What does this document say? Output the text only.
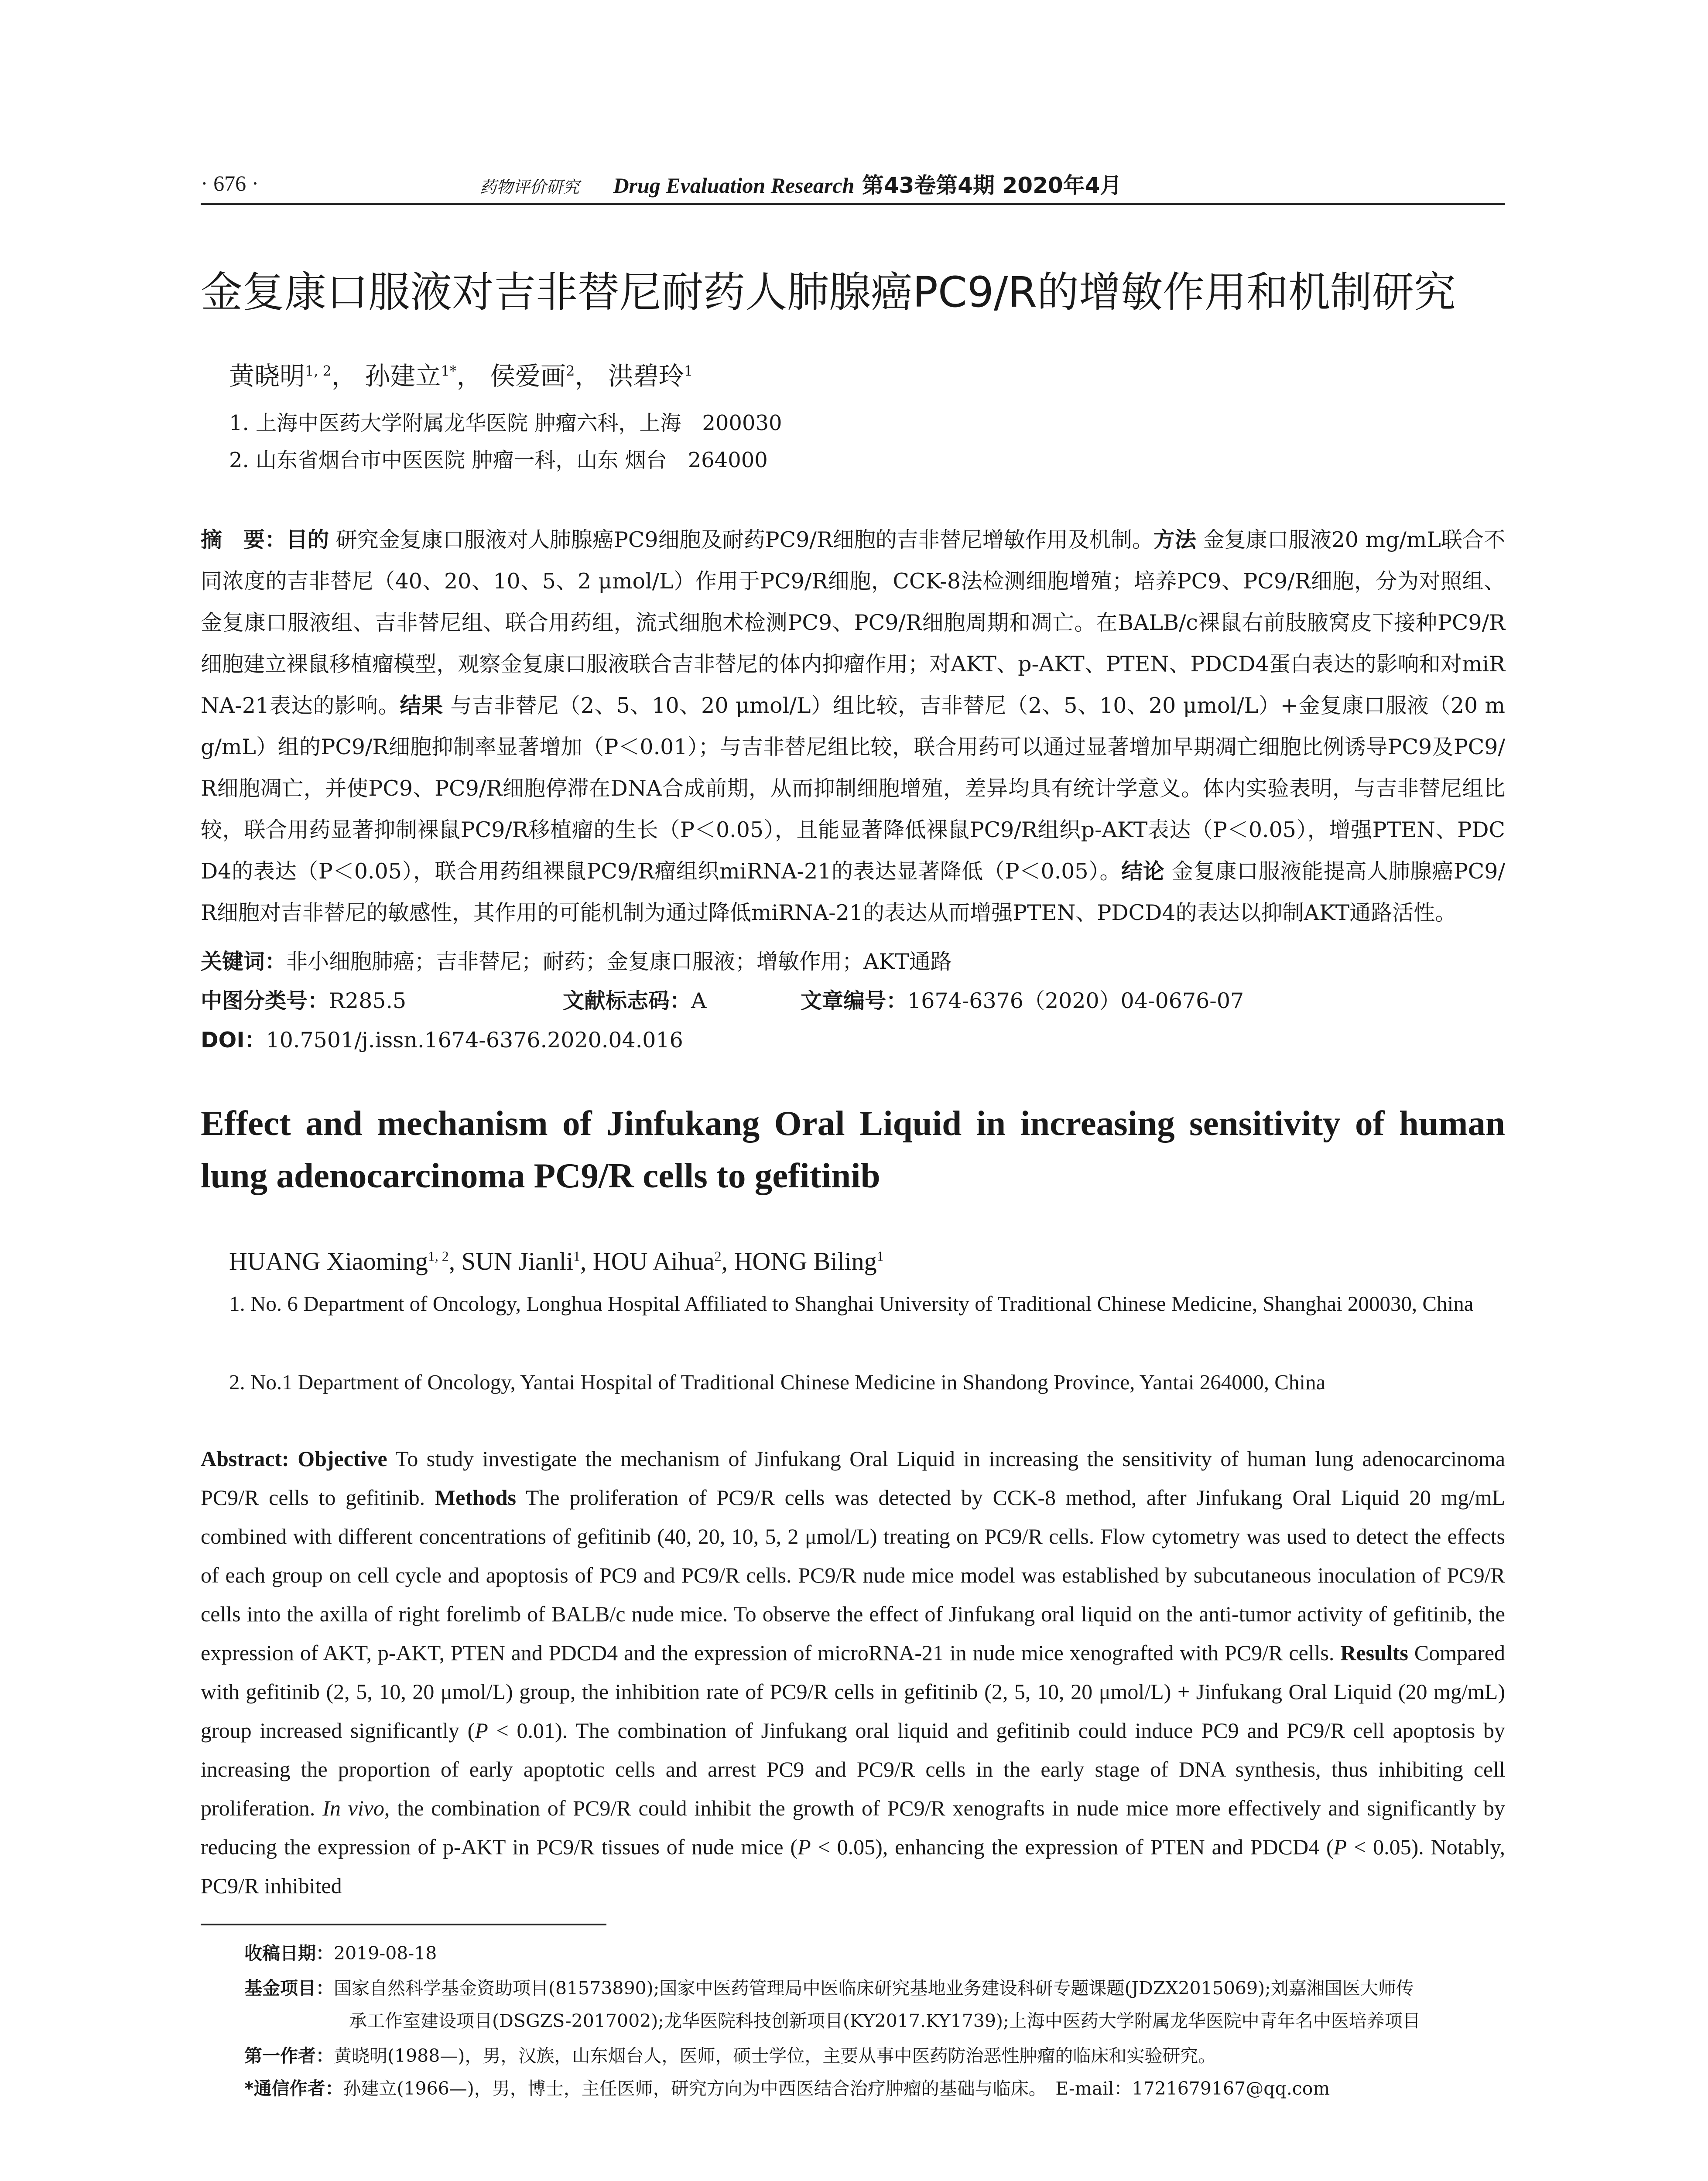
· 676 ·	药物评价研究 Drug Evaluation Research 第43卷第4期 2020年4月
金复康口服液对吉非替尼耐药人肺腺癌PC9/R的增敏作用和机制研究
黄晓明$^{1, 2}$， 孙建立$^{1*}$， 侯爱画$^2$， 洪碧玲$^1$
1. 上海中医药大学附属龙华医院 肿瘤六科，上海　200030
2. 山东省烟台市中医医院 肿瘤一科，山东 烟台　264000

摘　要：目的 研究金复康口服液对人肺腺癌PC9细胞及耐药PC9/R细胞的吉非替尼增敏作用及机制。方法 金复康口服液20 mg/mL联合不同浓度的吉非替尼（40、20、10、5、2 μmol/L）作用于PC9/R细胞，CCK-8法检测细胞增殖；培养PC9、PC9/R细胞，分为对照组、金复康口服液组、吉非替尼组、联合用药组，流式细胞术检测PC9、PC9/R细胞周期和凋亡。在BALB/c裸鼠右前肢腋窝皮下接种PC9/R细胞建立裸鼠移植瘤模型，观察金复康口服液联合吉非替尼的体内抑瘤作用；对AKT、p-AKT、PTEN、PDCD4蛋白表达的影响和对miRNA-21表达的影响。结果 与吉非替尼（2、5、10、20 μmol/L）组比较，吉非替尼（2、5、10、20 μmol/L）+金复康口服液（20 mg/mL）组的PC9/R细胞抑制率显著增加（P＜0.01）；与吉非替尼组比较，联合用药可以通过显著增加早期凋亡细胞比例诱导PC9及PC9/R细胞凋亡，并使PC9、PC9/R细胞停滞在DNA合成前期，从而抑制细胞增殖，差异均具有统计学意义。体内实验表明，与吉非替尼组比较，联合用药显著抑制裸鼠PC9/R移植瘤的生长（P＜0.05），且能显著降低裸鼠PC9/R组织p-AKT表达（P＜0.05），增强PTEN、PDCD4的表达（P＜0.05），联合用药组裸鼠PC9/R瘤组织miRNA-21的表达显著降低（P＜0.05）。结论 金复康口服液能提高人肺腺癌PC9/R细胞对吉非替尼的敏感性，其作用的可能机制为通过降低miRNA-21的表达从而增强PTEN、PDCD4的表达以抑制AKT通路活性。

关键词：非小细胞肺癌；吉非替尼；耐药；金复康口服液；增敏作用；AKT通路
中图分类号：R285.5	文献标志码：A	文章编号：1674-6376（2020）04-0676-07
DOI：10.7501/j.issn.1674-6376.2020.04.016

Effect and mechanism of Jinfukang Oral Liquid in increasing sensitivity of human lung adenocarcinoma PC9/R cells to gefitinib

HUANG Xiaoming$^{1, 2}$, SUN Jianli$^1$, HOU Aihua$^2$, HONG Biling$^1$

1. No. 6 Department of Oncology, Longhua Hospital Affiliated to Shanghai University of Traditional Chinese Medicine, Shanghai 200030, China

2. No.1 Department of Oncology, Yantai Hospital of Traditional Chinese Medicine in Shandong Province, Yantai 264000, China

Abstract: Objective To study investigate the mechanism of Jinfukang Oral Liquid in increasing the sensitivity of human lung adenocarcinoma PC9/R cells to gefitinib. Methods The proliferation of PC9/R cells was detected by CCK-8 method, after Jinfukang Oral Liquid 20 mg/mL combined with different concentrations of gefitinib (40, 20, 10, 5, 2 μmol/L) treating on PC9/R cells. Flow cytometry was used to detect the effects of each group on cell cycle and apoptosis of PC9 and PC9/R cells. PC9/R nude mice model was established by subcutaneous inoculation of PC9/R cells into the axilla of right forelimb of BALB/c nude mice. To observe the effect of Jinfukang oral liquid on the anti-tumor activity of gefitinib, the expression of AKT, p-AKT, PTEN and PDCD4 and the expression of microRNA-21 in nude mice xenografted with PC9/R cells. Results Compared with gefitinib (2, 5, 10, 20 μmol/L) group, the inhibition rate of PC9/R cells in gefitinib (2, 5, 10, 20 μmol/L) + Jinfukang Oral Liquid (20 mg/mL) group increased significantly (P < 0.01). The combination of Jinfukang oral liquid and gefitinib could induce PC9 and PC9/R cell apoptosis by increasing the proportion of early apoptotic cells and arrest PC9 and PC9/R cells in the early stage of DNA synthesis, thus inhibiting cell proliferation. In vivo, the combination of PC9/R could inhibit the growth of PC9/R xenografts in nude mice more effectively and significantly by reducing the expression of p-AKT in PC9/R tissues of nude mice (P < 0.05), enhancing the expression of PTEN and PDCD4 (P < 0.05). Notably, PC9/R inhibited

收稿日期：2019-08-18
基金项目：国家自然科学基金资助项目(81573890);国家中医药管理局中医临床研究基地业务建设科研专题课题(JDZX2015069);刘嘉湘国医大师传
承工作室建设项目(DSGZS-2017002);龙华医院科技创新项目(KY2017.KY1739);上海中医药大学附属龙华医院中青年名中医培养项目
第一作者：黄晓明(1988—)，男，汉族，山东烟台人，医师，硕士学位，主要从事中医药防治恶性肿瘤的临床和实验研究。
*通信作者：孙建立(1966—)，男，博士，主任医师，研究方向为中西医结合治疗肿瘤的基础与临床。　E-mail：1721679167@qq.com
